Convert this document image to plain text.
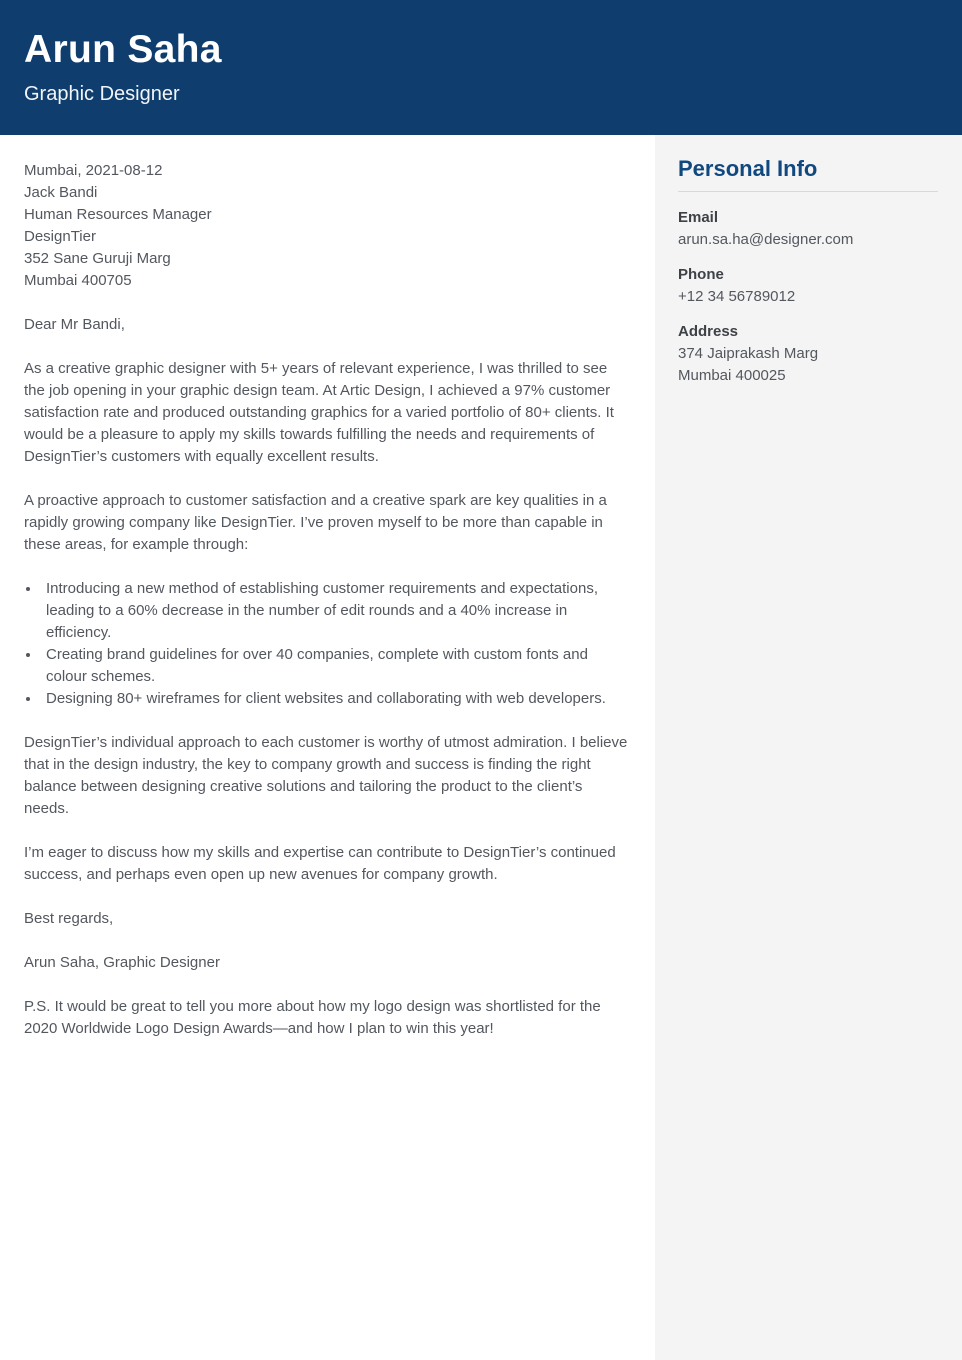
Arun Saha
Graphic Designer
Mumbai, 2021-08-12
Jack Bandi
Human Resources Manager
DesignTier
352 Sane Guruji Marg
Mumbai 400705

Dear Mr Bandi,

As a creative graphic designer with 5+ years of relevant experience, I was thrilled to see the job opening in your graphic design team. At Artic Design, I achieved a 97% customer satisfaction rate and produced outstanding graphics for a varied portfolio of 80+ clients. It would be a pleasure to apply my skills towards fulfilling the needs and requirements of DesignTier’s customers with equally excellent results.

A proactive approach to customer satisfaction and a creative spark are key qualities in a rapidly growing company like DesignTier. I’ve proven myself to be more than capable in these areas, for example through:

• Introducing a new method of establishing customer requirements and expectations, leading to a 60% decrease in the number of edit rounds and a 40% increase in efficiency.
• Creating brand guidelines for over 40 companies, complete with custom fonts and colour schemes.
• Designing 80+ wireframes for client websites and collaborating with web developers.

DesignTier’s individual approach to each customer is worthy of utmost admiration. I believe that in the design industry, the key to company growth and success is finding the right balance between designing creative solutions and tailoring the product to the client’s needs.

I’m eager to discuss how my skills and expertise can contribute to DesignTier’s continued success, and perhaps even open up new avenues for company growth.

Best regards,

Arun Saha, Graphic Designer

P.S. It would be great to tell you more about how my logo design was shortlisted for the 2020 Worldwide Logo Design Awards—and how I plan to win this year!

Personal Info
Email
arun.sa.ha@designer.com
Phone
+12 34 56789012
Address
374 Jaiprakash Marg
Mumbai 400025
